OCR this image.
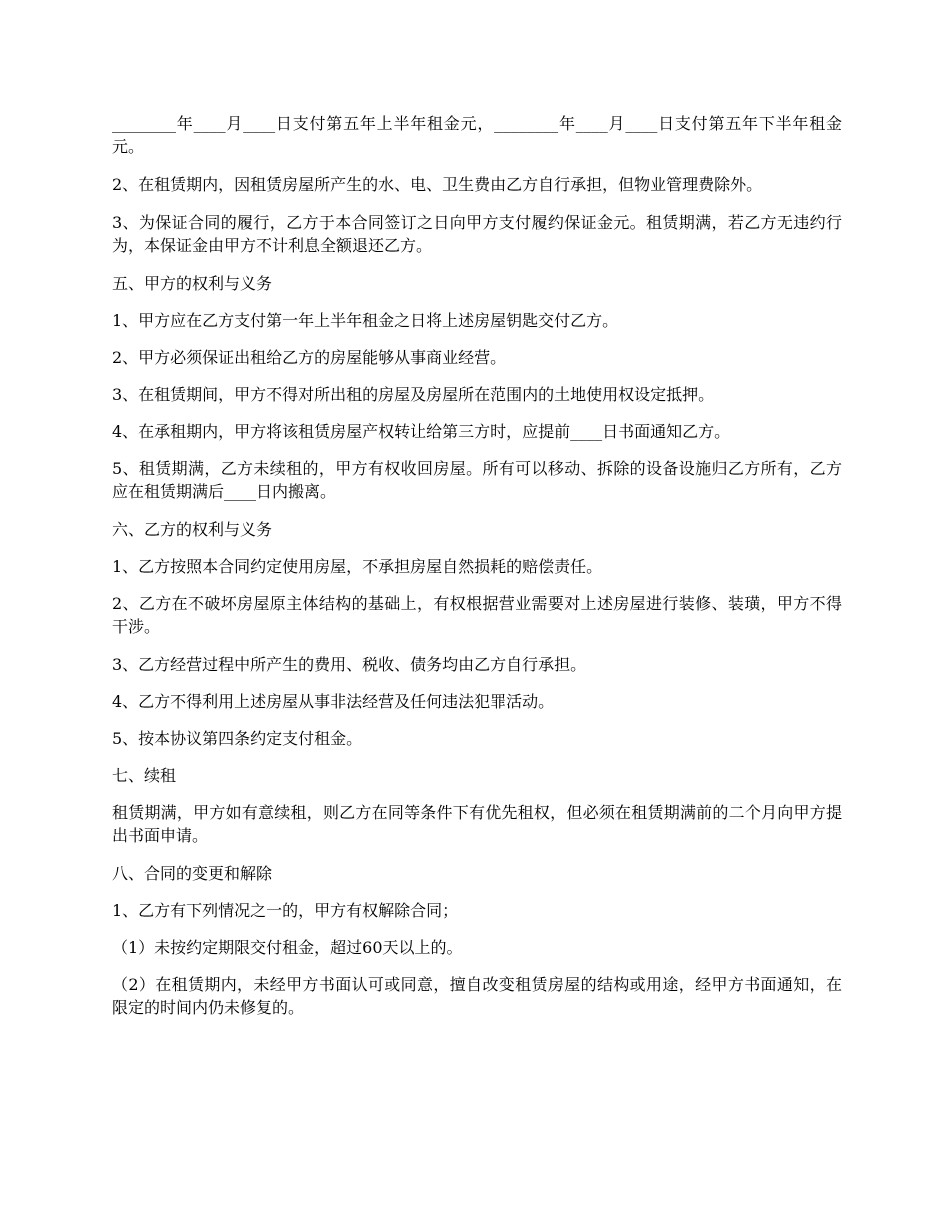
________年____月____日支付第五年上半年租金元，________年____月____日支付第五年下半年租金元。

2、在租赁期内，因租赁房屋所产生的水、电、卫生费由乙方自行承担，但物业管理费除外。

3、为保证合同的履行，乙方于本合同签订之日向甲方支付履约保证金元。租赁期满，若乙方无违约行为，本保证金由甲方不计利息全额退还乙方。

五、甲方的权利与义务

1、甲方应在乙方支付第一年上半年租金之日将上述房屋钥匙交付乙方。

2、甲方必须保证出租给乙方的房屋能够从事商业经营。

3、在租赁期间，甲方不得对所出租的房屋及房屋所在范围内的土地使用权设定抵押。

4、在承租期内，甲方将该租赁房屋产权转让给第三方时，应提前____日书面通知乙方。

5、租赁期满，乙方未续租的，甲方有权收回房屋。所有可以移动、拆除的设备设施归乙方所有，乙方应在租赁期满后____日内搬离。

六、乙方的权利与义务

1、乙方按照本合同约定使用房屋，不承担房屋自然损耗的赔偿责任。

2、乙方在不破坏房屋原主体结构的基础上，有权根据营业需要对上述房屋进行装修、装璜，甲方不得干涉。

3、乙方经营过程中所产生的费用、税收、债务均由乙方自行承担。

4、乙方不得利用上述房屋从事非法经营及任何违法犯罪活动。

5、按本协议第四条约定支付租金。

七、续租

租赁期满，甲方如有意续租，则乙方在同等条件下有优先租权，但必须在租赁期满前的二个月向甲方提出书面申请。

八、合同的变更和解除

1、乙方有下列情况之一的，甲方有权解除合同；

（1）未按约定期限交付租金，超过60天以上的。

（2）在租赁期内，未经甲方书面认可或同意，擅自改变租赁房屋的结构或用途，经甲方书面通知，在限定的时间内仍未修复的。
